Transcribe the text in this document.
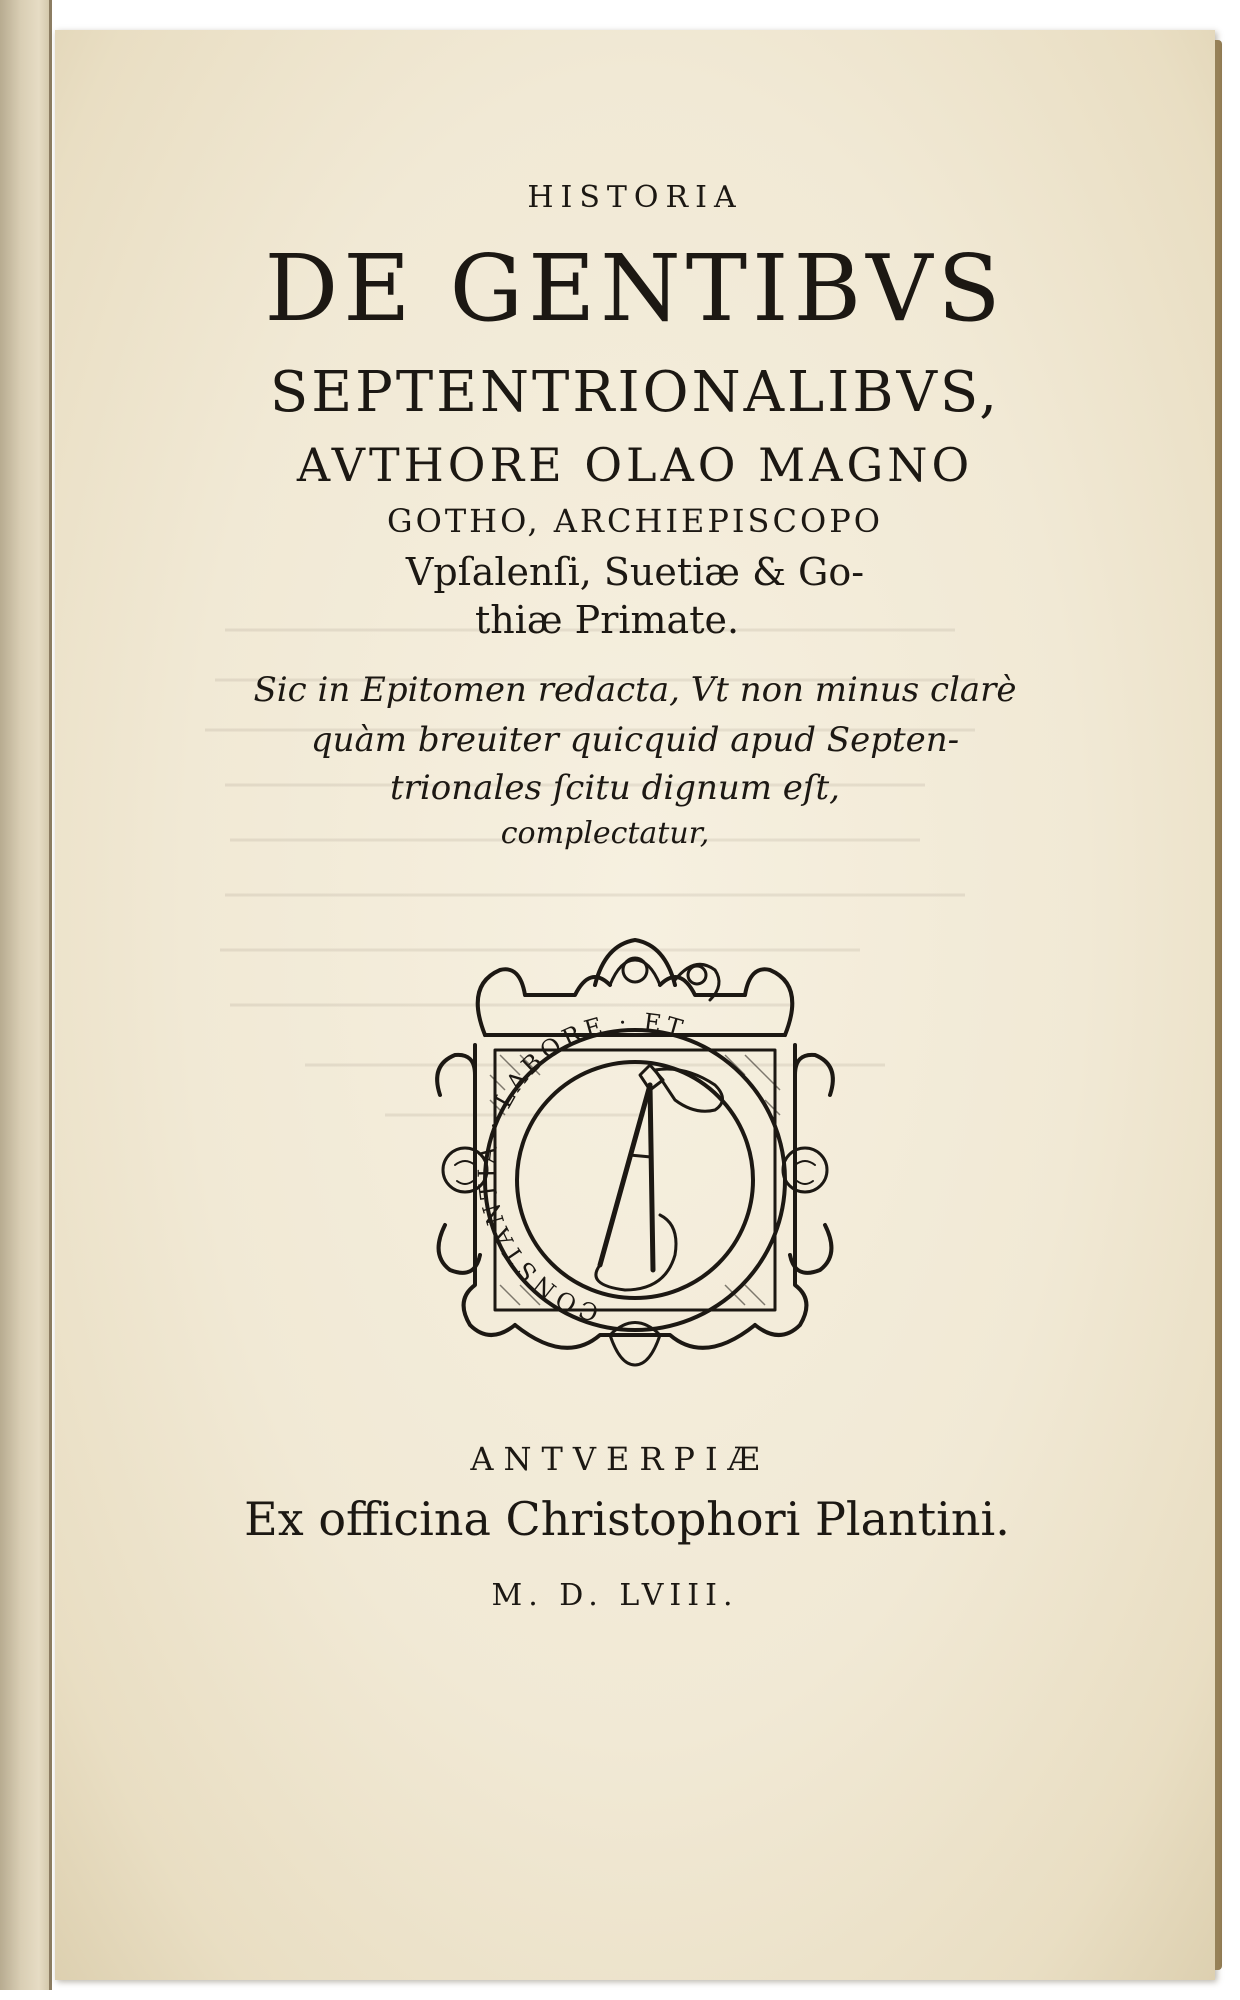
HISTORIA
DE GENTIBVS
SEPTENTRIONALIBVS,
AVTHORE OLAO MAGNO
GOTHO, ARCHIEPISCOPO
Vpſalenſi, Suetiæ & Go-
thiæ Primate.
Sic in Epitomen redacta, Vt non minus clarè
quàm breuiter quicquid apud Septen-
trionales ſcitu dignum eſt,
complectatur,
CONSTANTIA · LABORE · ET
ANTVERPIÆ
Ex officina Christophori Plantini.
M. D. LVIII.
